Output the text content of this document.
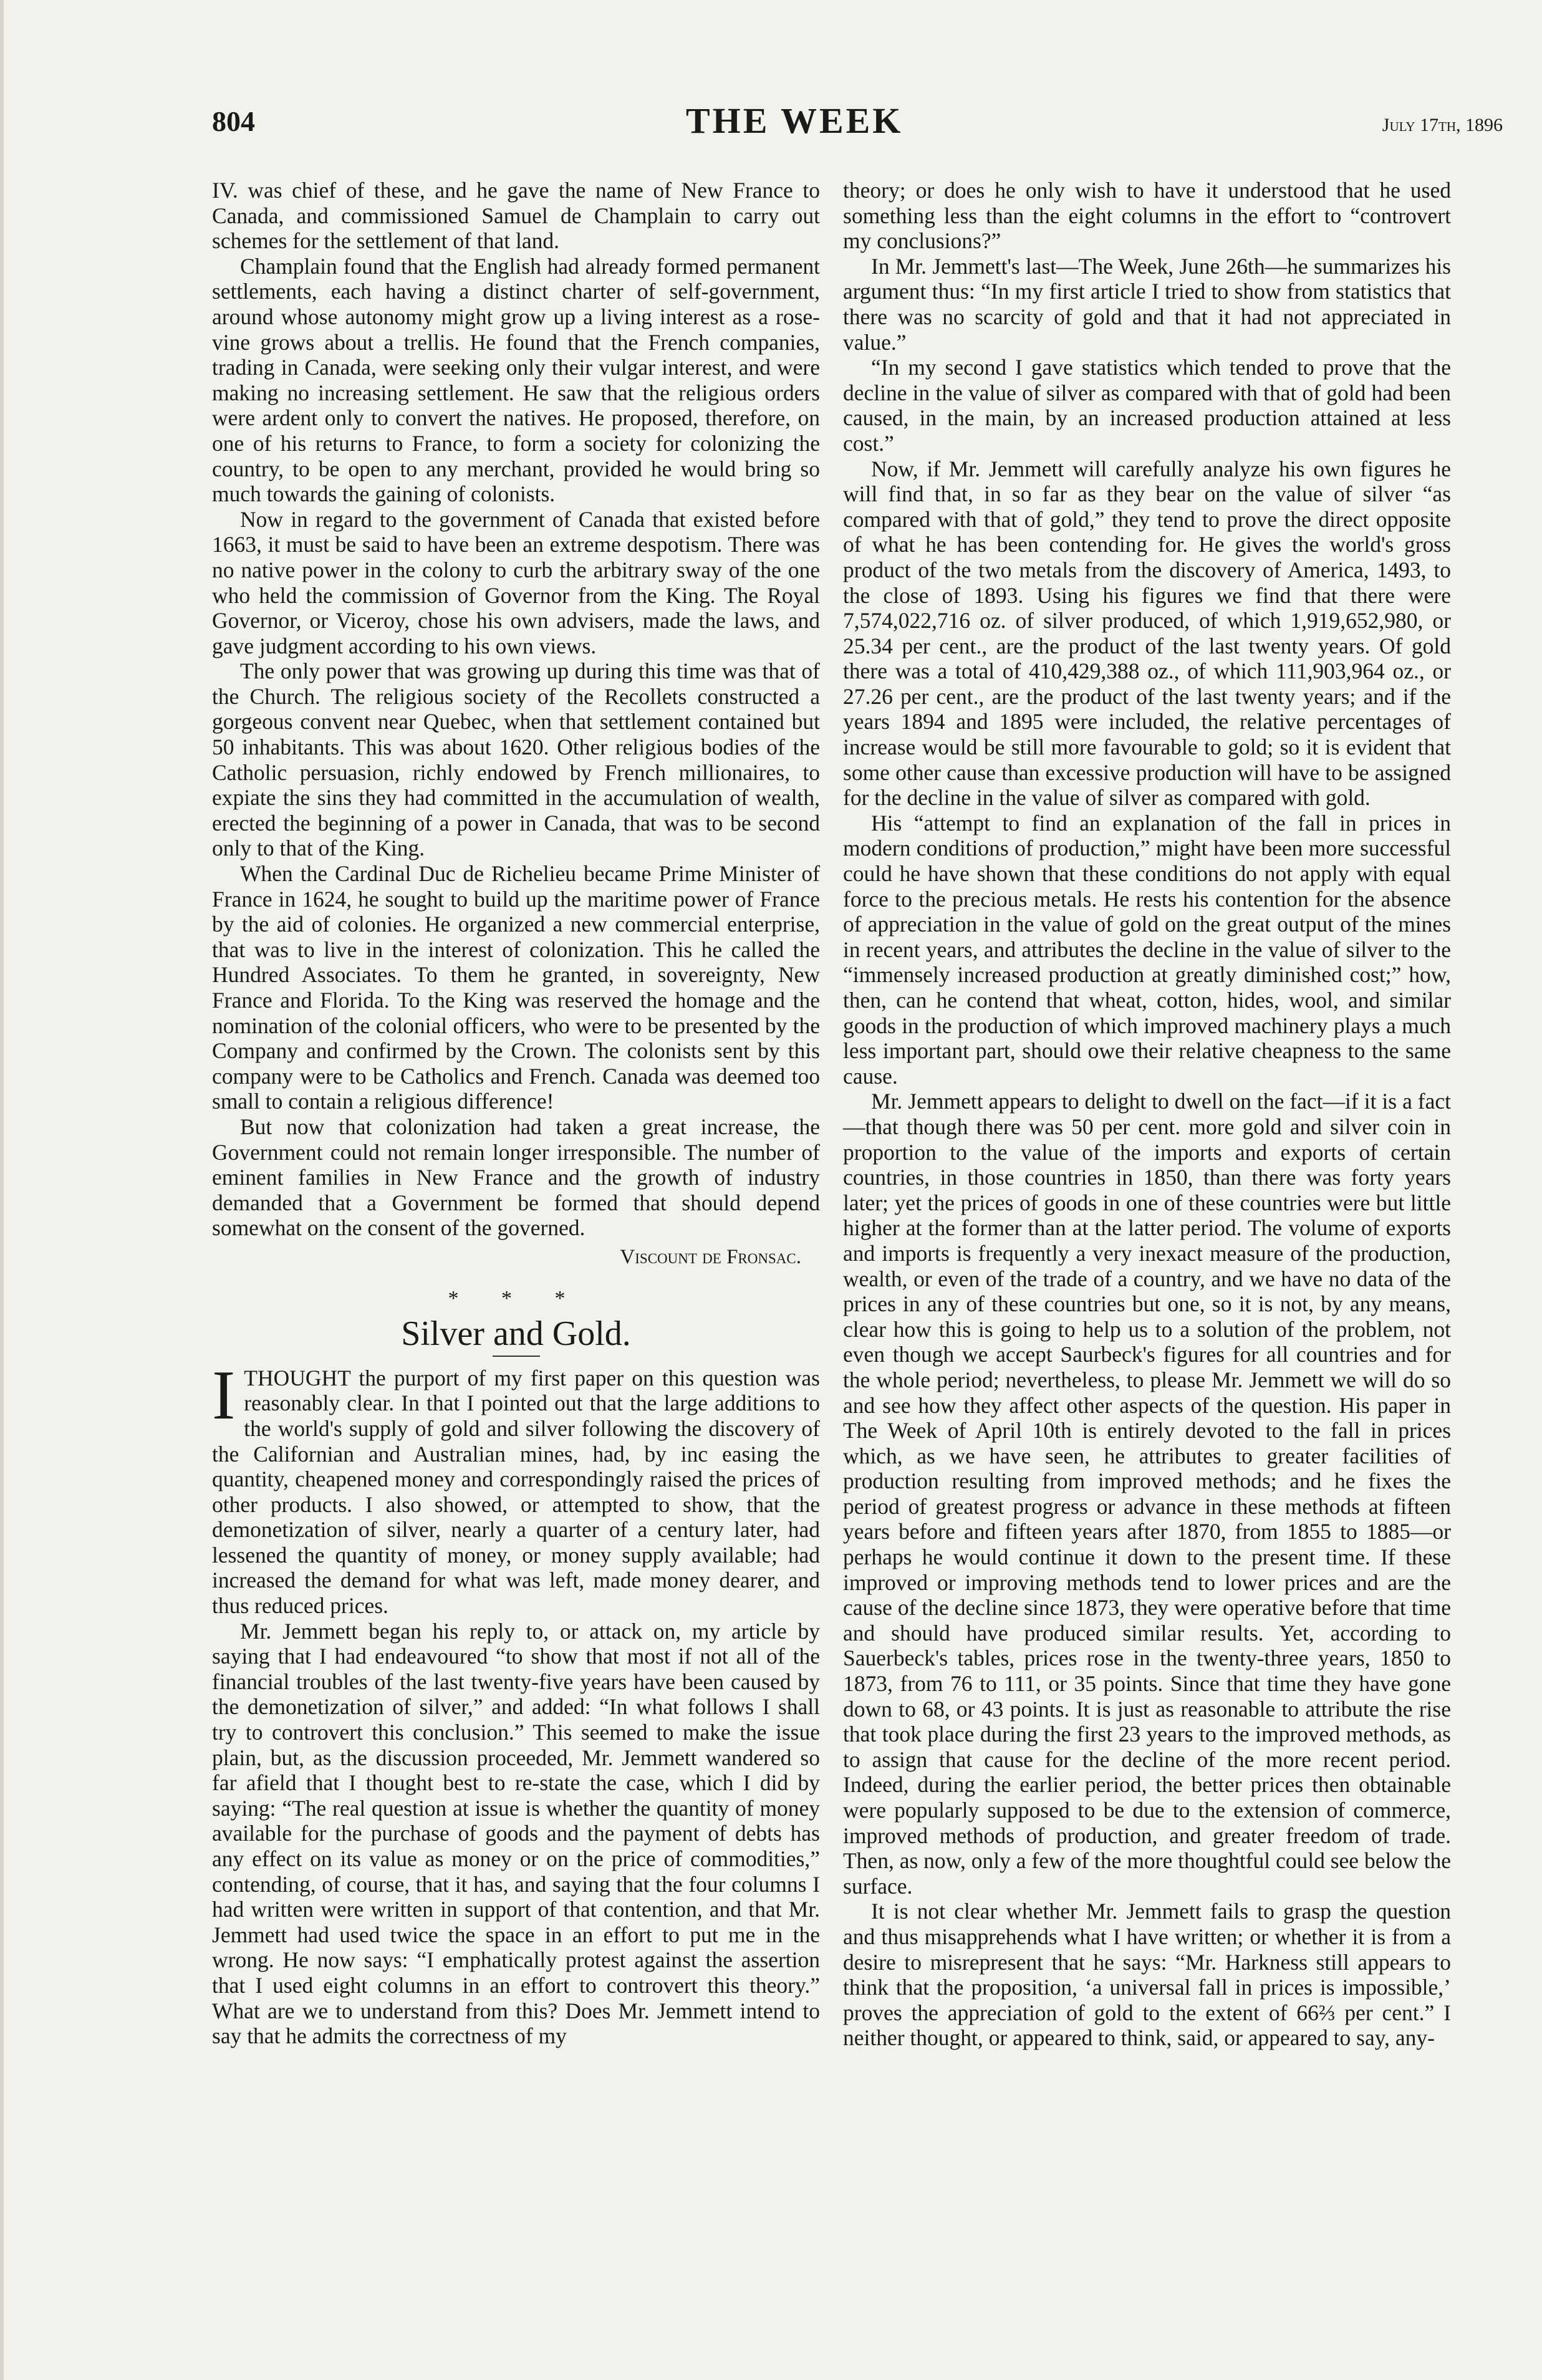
804	THE WEEK	July 17th, 1896

IV. was chief of these, and he gave the name of New France to Canada, and commissioned Samuel de Champlain to carry out schemes for the settlement of that land.

Champlain found that the English had already formed permanent settlements, each having a distinct charter of self-government, around whose autonomy might grow up a living interest as a rose-vine grows about a trellis. He found that the French companies, trading in Canada, were seeking only their vulgar interest, and were making no increasing settlement. He saw that the religious orders were ardent only to convert the natives. He proposed, therefore, on one of his returns to France, to form a society for colonizing the country, to be open to any merchant, provided he would bring so much towards the gaining of colonists.

Now in regard to the government of Canada that existed before 1663, it must be said to have been an extreme despotism. There was no native power in the colony to curb the arbitrary sway of the one who held the commission of Governor from the King. The Royal Governor, or Viceroy, chose his own advisers, made the laws, and gave judgment according to his own views.

The only power that was growing up during this time was that of the Church. The religious society of the Recollets constructed a gorgeous convent near Quebec, when that settlement contained but 50 inhabitants. This was about 1620. Other religious bodies of the Catholic persuasion, richly endowed by French millionaires, to expiate the sins they had committed in the accumulation of wealth, erected the beginning of a power in Canada, that was to be second only to that of the King.

When the Cardinal Duc de Richelieu became Prime Minister of France in 1624, he sought to build up the maritime power of France by the aid of colonies. He organized a new commercial enterprise, that was to live in the interest of colonization. This he called the Hundred Associates. To them he granted, in sovereignty, New France and Florida. To the King was reserved the homage and the nomination of the colonial officers, who were to be presented by the Company and confirmed by the Crown. The colonists sent by this company were to be Catholics and French. Canada was deemed too small to contain a religious difference!

But now that colonization had taken a great increase, the Government could not remain longer irresponsible. The number of eminent families in New France and the growth of industry demanded that a Government be formed that should depend somewhat on the consent of the governed.

Viscount de Fronsac.
* * *
Silver and Gold.

ITHOUGHT the purport of my first paper on this question was reasonably clear. In that I pointed out that the large additions to the world's supply of gold and silver following the discovery of the Californian and Australian mines, had, by inc easing the quantity, cheapened money and correspondingly raised the prices of other products. I also showed, or attempted to show, that the demonetization of silver, nearly a quarter of a century later, had lessened the quantity of money, or money supply available; had increased the demand for what was left, made money dearer, and thus reduced prices.

Mr. Jemmett began his reply to, or attack on, my article by saying that I had endeavoured “to show that most if not all of the financial troubles of the last twenty-five years have been caused by the demonetization of silver,” and added: “In what follows I shall try to controvert this conclusion.” This seemed to make the issue plain, but, as the discussion proceeded, Mr. Jemmett wandered so far afield that I thought best to re-state the case, which I did by saying: “The real question at issue is whether the quantity of money available for the purchase of goods and the payment of debts has any effect on its value as money or on the price of commodities,” contending, of course, that it has, and saying that the four columns I had written were written in support of that contention, and that Mr. Jemmett had used twice the space in an effort to put me in the wrong. He now says: “I emphatically protest against the assertion that I used eight columns in an effort to controvert this theory.” What are we to understand from this? Does Mr. Jemmett intend to say that he admits the correctness of my

theory; or does he only wish to have it understood that he used something less than the eight columns in the effort to “controvert my conclusions?”

In Mr. Jemmett's last—The Week, June 26th—he summarizes his argument thus: “In my first article I tried to show from statistics that there was no scarcity of gold and that it had not appreciated in value.”

“In my second I gave statistics which tended to prove that the decline in the value of silver as compared with that of gold had been caused, in the main, by an increased production attained at less cost.”

Now, if Mr. Jemmett will carefully analyze his own figures he will find that, in so far as they bear on the value of silver “as compared with that of gold,” they tend to prove the direct opposite of what he has been contending for. He gives the world's gross product of the two metals from the discovery of America, 1493, to the close of 1893. Using his figures we find that there were 7,574,022,716 oz. of silver produced, of which 1,919,652,980, or 25.34 per cent., are the product of the last twenty years. Of gold there was a total of 410,429,388 oz., of which 111,903,964 oz., or 27.26 per cent., are the product of the last twenty years; and if the years 1894 and 1895 were included, the relative percentages of increase would be still more favourable to gold; so it is evident that some other cause than excessive production will have to be assigned for the decline in the value of silver as compared with gold.

His “attempt to find an explanation of the fall in prices in modern conditions of production,” might have been more successful could he have shown that these conditions do not apply with equal force to the precious metals. He rests his contention for the absence of appreciation in the value of gold on the great output of the mines in recent years, and attributes the decline in the value of silver to the “immensely increased production at greatly diminished cost;” how, then, can he contend that wheat, cotton, hides, wool, and similar goods in the production of which improved machinery plays a much less important part, should owe their relative cheapness to the same cause.

Mr. Jemmett appears to delight to dwell on the fact—if it is a fact—that though there was 50 per cent. more gold and silver coin in proportion to the value of the imports and exports of certain countries, in those countries in 1850, than there was forty years later; yet the prices of goods in one of these countries were but little higher at the former than at the latter period. The volume of exports and imports is frequently a very inexact measure of the production, wealth, or even of the trade of a country, and we have no data of the prices in any of these countries but one, so it is not, by any means, clear how this is going to help us to a solution of the problem, not even though we accept Saurbeck's figures for all countries and for the whole period; nevertheless, to please Mr. Jemmett we will do so and see how they affect other aspects of the question. His paper in The Week of April 10th is entirely devoted to the fall in prices which, as we have seen, he attributes to greater facilities of production resulting from improved methods; and he fixes the period of greatest progress or advance in these methods at fifteen years before and fifteen years after 1870, from 1855 to 1885—or perhaps he would continue it down to the present time. If these improved or improving methods tend to lower prices and are the cause of the decline since 1873, they were operative before that time and should have produced similar results. Yet, according to Sauerbeck's tables, prices rose in the twenty-three years, 1850 to 1873, from 76 to 111, or 35 points. Since that time they have gone down to 68, or 43 points. It is just as reasonable to attribute the rise that took place during the first 23 years to the improved methods, as to assign that cause for the decline of the more recent period. Indeed, during the earlier period, the better prices then obtainable were popularly supposed to be due to the extension of commerce, improved methods of production, and greater freedom of trade. Then, as now, only a few of the more thoughtful could see below the surface.

It is not clear whether Mr. Jemmett fails to grasp the question and thus misapprehends what I have written; or whether it is from a desire to misrepresent that he says: “Mr. Harkness still appears to think that the proposition, ‘a universal fall in prices is impossible,’ proves the appreciation of gold to the extent of 66⅔ per cent.” I neither thought, or appeared to think, said, or appeared to say, any-
